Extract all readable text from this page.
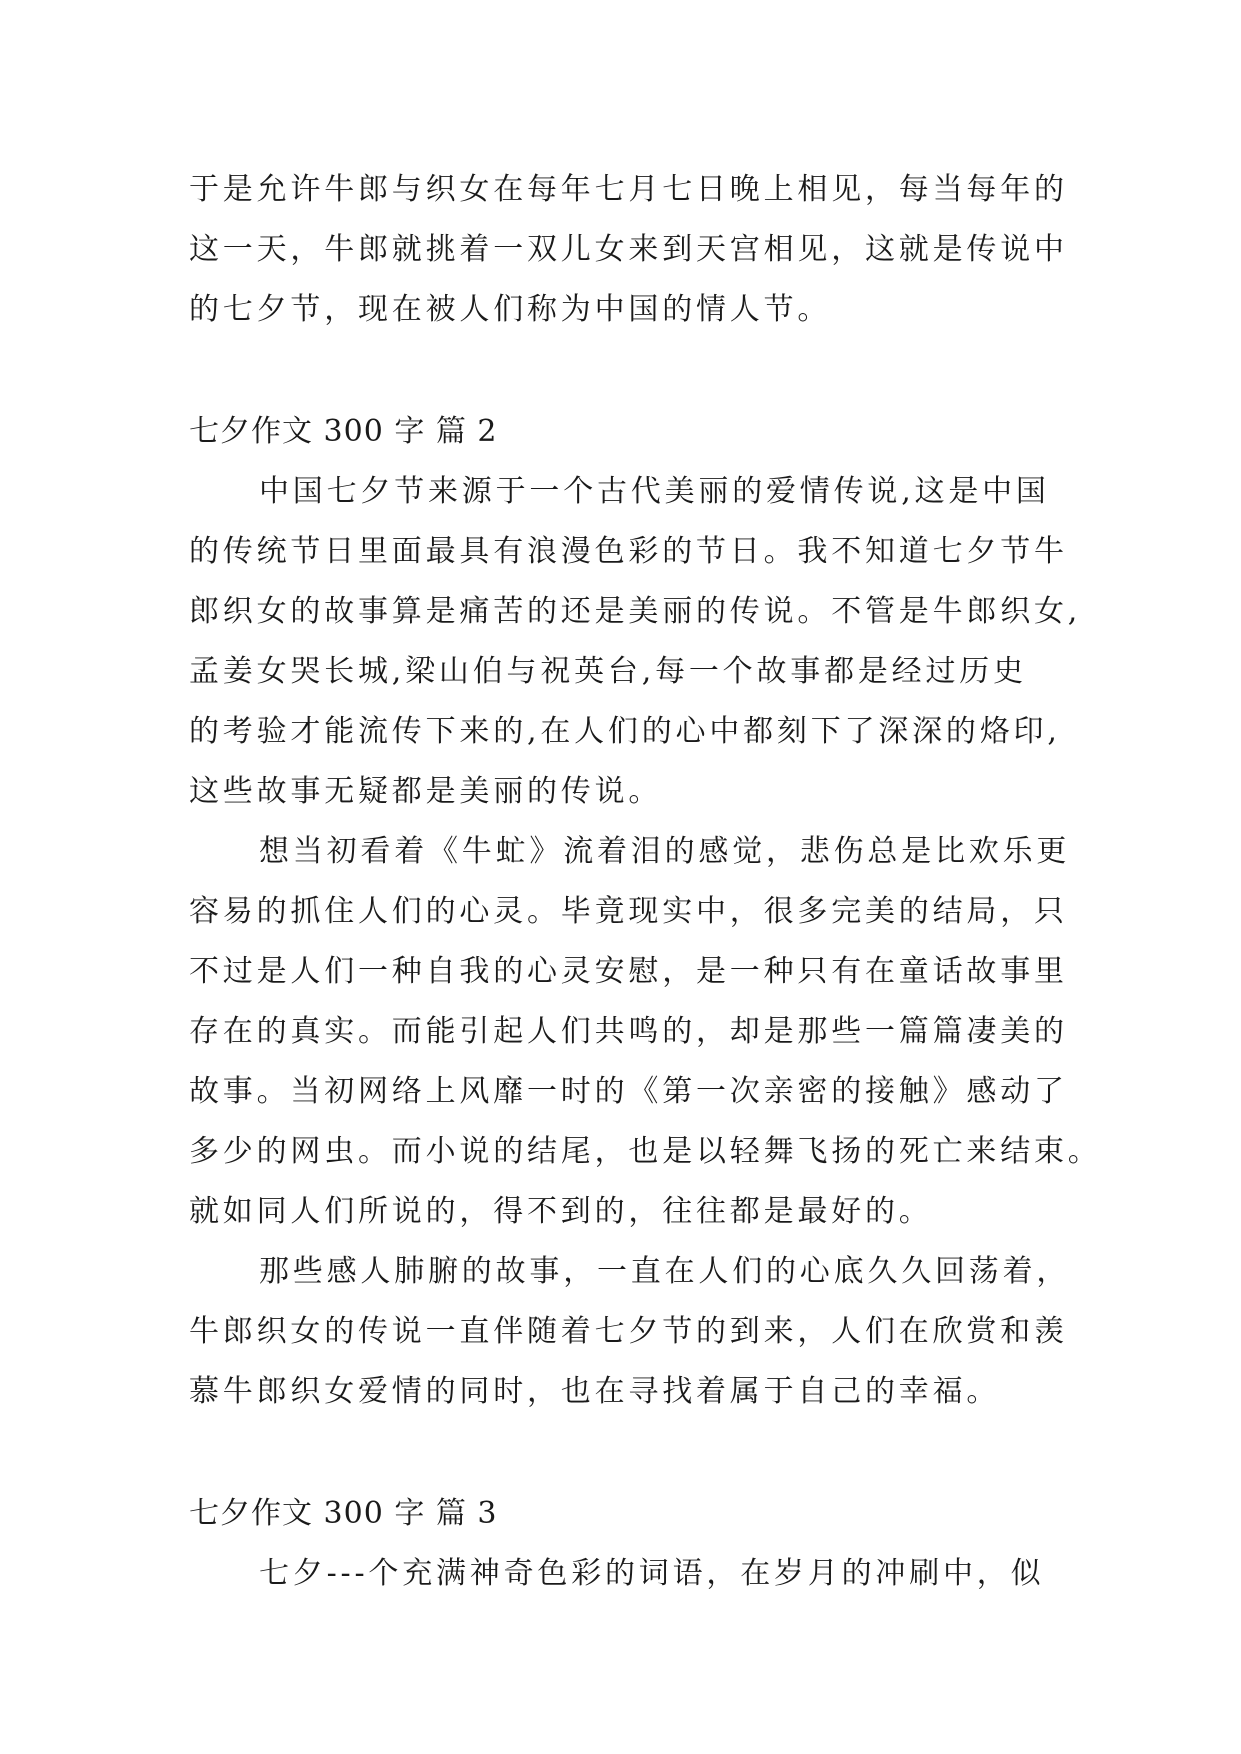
于是允许牛郎与织女在每年七月七日晚上相见，每当每年的
这一天，牛郎就挑着一双儿女来到天宫相见，这就是传说中
的七夕节，现在被人们称为中国的情人节。
七夕作文 300 字 篇 2
中国七夕节来源于一个古代美丽的爱情传说,这是中国
的传统节日里面最具有浪漫色彩的节日。我不知道七夕节牛
郎织女的故事算是痛苦的还是美丽的传说。不管是牛郎织女,
孟姜女哭长城,梁山伯与祝英台,每一个故事都是经过历史
的考验才能流传下来的,在人们的心中都刻下了深深的烙印,
这些故事无疑都是美丽的传说。
想当初看着《牛虻》流着泪的感觉，悲伤总是比欢乐更
容易的抓住人们的心灵。毕竟现实中，很多完美的结局，只
不过是人们一种自我的心灵安慰，是一种只有在童话故事里
存在的真实。而能引起人们共鸣的，却是那些一篇篇凄美的
故事。当初网络上风靡一时的《第一次亲密的接触》感动了
多少的网虫。而小说的结尾，也是以轻舞飞扬的死亡来结束。
就如同人们所说的，得不到的，往往都是最好的。
那些感人肺腑的故事，一直在人们的心底久久回荡着，
牛郎织女的传说一直伴随着七夕节的到来，人们在欣赏和羡
慕牛郎织女爱情的同时，也在寻找着属于自己的幸福。
七夕作文 300 字 篇 3
七夕---个充满神奇色彩的词语，在岁月的冲刷中，似
